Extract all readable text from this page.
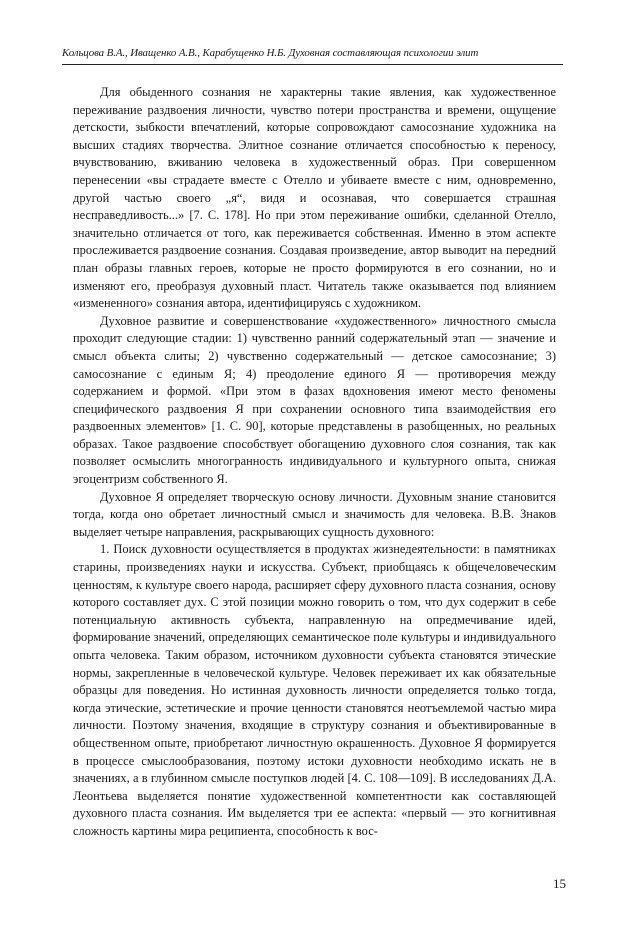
Кольцова В.А., Иващенко А.В., Карабущенко Н.Б. Духовная составляющая психологии элит

Для обыденного сознания не характерны такие явления, как художественное переживание раздвоения личности, чувство потери пространства и времени, ощущение детскости, зыбкости впечатлений, которые сопровождают самосознание художника на высших стадиях творчества. Элитное сознание отличается способностью к переносу, вчувствованию, вживанию человека в художественный образ. При совершенном перенесении «вы страдаете вместе с Отелло и убиваете вместе с ним, одновременно, другой частью своего „я“, видя и осознавая, что совершается страшная несправедливость...» [7. С. 178]. Но при этом переживание ошибки, сделанной Отелло, значительно отличается от того, как переживается собственная. Именно в этом аспекте прослеживается раздвоение сознания. Создавая произведение, автор выводит на передний план образы главных героев, которые не просто формируются в его сознании, но и изменяют его, преобразуя духовный пласт. Читатель также оказывается под влиянием «измененного» сознания автора, идентифицируясь с художником.

Духовное развитие и совершенствование «художественного» личностного смысла проходит следующие стадии: 1) чувственно ранний содержательный этап — значение и смысл объекта слиты; 2) чувственно содержательный — детское самосознание; 3) самосознание с единым Я; 4) преодоление единого Я — противоречия между содержанием и формой. «При этом в фазах вдохновения имеют место феномены специфического раздвоения Я при сохранении основного типа взаимодействия его раздвоенных элементов» [1. С. 90], которые представлены в разобщенных, но реальных образах. Такое раздвоение способствует обогащению духовного слоя сознания, так как позволяет осмыслить многогранность индивидуального и культурного опыта, снижая эгоцентризм собственного Я.

Духовное Я определяет творческую основу личности. Духовным знание становится тогда, когда оно обретает личностный смысл и значимость для человека. В.В. Знаков выделяет четыре направления, раскрывающих сущность духовного:

1. Поиск духовности осуществляется в продуктах жизнедеятельности: в памятниках старины, произведениях науки и искусства. Субъект, приобщаясь к общечеловеческим ценностям, к культуре своего народа, расширяет сферу духовного пласта сознания, основу которого составляет дух. С этой позиции можно говорить о том, что дух содержит в себе потенциальную активность субъекта, направленную на опредмечивание идей, формирование значений, определяющих семантическое поле культуры и индивидуального опыта человека. Таким образом, источником духовности субъекта становятся этические нормы, закрепленные в человеческой культуре. Человек переживает их как обязательные образцы для поведения. Но истинная духовность личности определяется только тогда, когда этические, эстетические и прочие ценности становятся неотъемлемой частью мира личности. Поэтому значения, входящие в структуру сознания и объективированные в общественном опыте, приобретают личностную окрашенность. Духовное Я формируется в процессе смыслообразования, поэтому истоки духовности необходимо искать не в значениях, а в глубинном смысле поступков людей [4. С. 108—109]. В исследованиях Д.А. Леонтьева выделяется понятие художественной компетентности как составляющей духовного пласта сознания. Им выделяется три ее аспекта: «первый — это когнитивная сложность картины мира реципиента, способность к вос-

15
